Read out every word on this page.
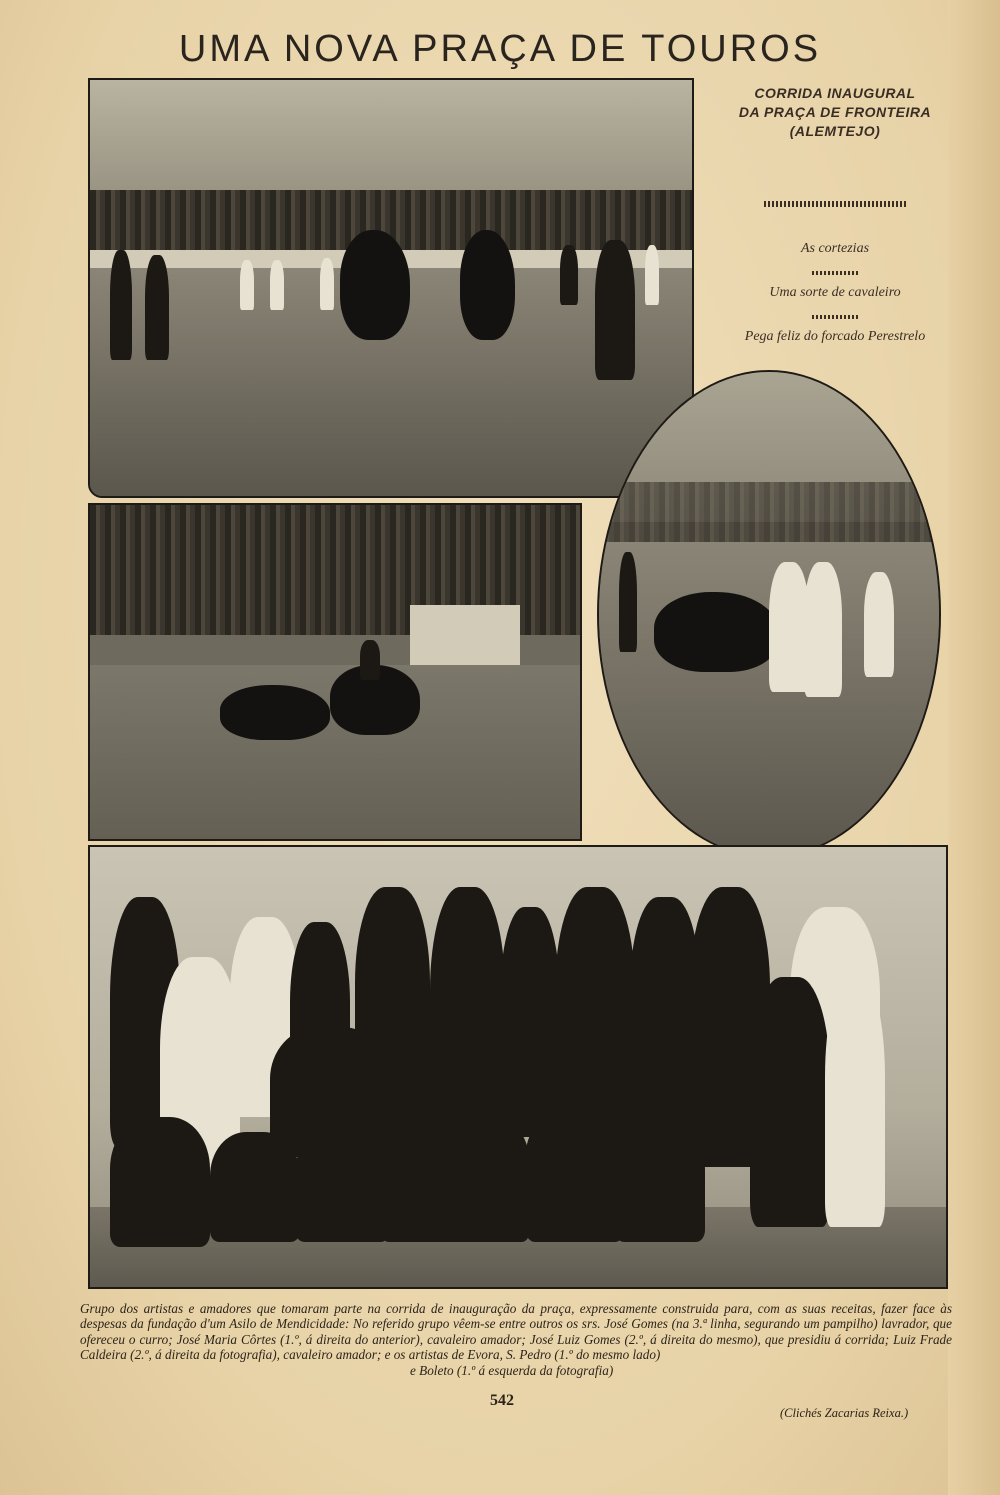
UMA NOVA PRAÇA DE TOUROS
CORRIDA INAUGURAL
DA PRAÇA DE FRONTEIRA
(ALEMTEJO)
As cortezias
Uma sorte de cavaleiro
Pega feliz do forcado Perestrelo
Grupo dos artistas e amadores que tomaram parte na corrida de inauguração da praça, expressamente construida para, com as suas receitas, fazer face às despesas da fundação d'um Asilo de Mendicidade: No referido grupo vêem-se entre outros os srs. José Gomes (na 3.ª linha, segurando um pampilho) lavrador, que ofereceu o curro; José Maria Côrtes (1.º, á direita do anterior), cavaleiro amador; José Luiz Gomes (2.º, á direita do mesmo), que presidiu á corrida; Luiz Frade Caldeira (2.º, á direita da fotografia), cavaleiro amador; e os artistas de Evora, S. Pedro (1.º do mesmo lado)
e Boleto (1.º á esquerda da fotografia)
542
(Clichés Zacarias Reixa.)
